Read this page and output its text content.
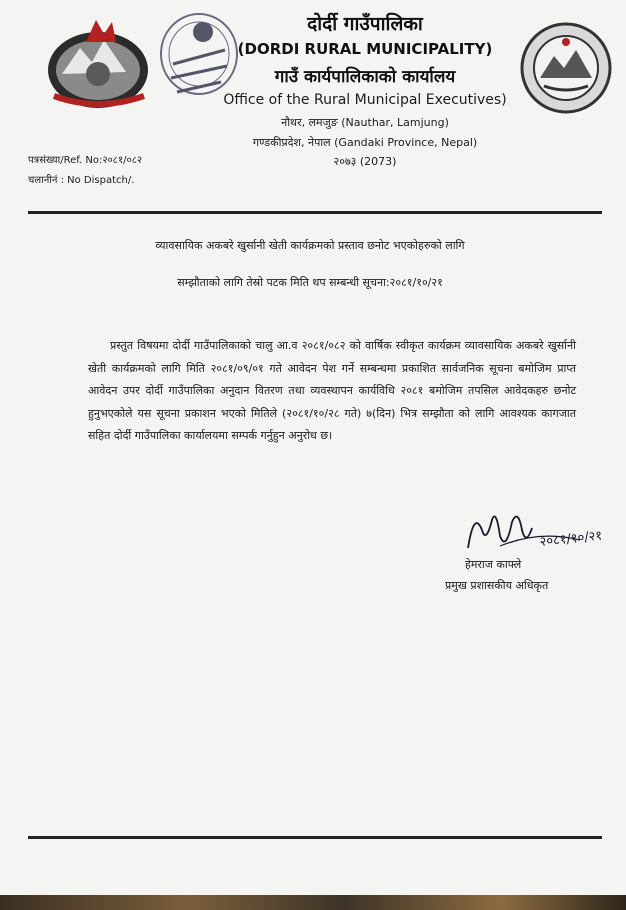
दोर्दी गाउँपालिका
(DORDI RURAL MUNICIPALITY)
गाउँ कार्यपालिकाको कार्यालय
Office of the Rural Municipal Executives)
नौथर, लमजुङ (Nauthar, Lamjung)
गण्डकीप्रदेश, नेपाल (Gandaki Province, Nepal)
२०७३ (2073)
पत्रसंख्या/Ref. No:२०८१/०८२
चलानीनं : No Dispatch/.
व्यावसायिक अकबरे खुर्सानी खेती कार्यक्रमको प्रस्ताव छनोट भएकोहरुको लागि
सम्झौताको लागि तेस्रो पटक मिति थप सम्बन्धी सूचना:२०८१/१०/२१
प्रस्तुत विषयमा दोर्दी गाउँपालिकाको चालु आ.व २०८१/०८२ को वार्षिक स्वीकृत कार्यक्रम व्यावसायिक अकबरे खुर्सानी खेती कार्यक्रमको लागि मिति २०८१/०९/०१ गते आवेदन पेश गर्ने सम्बन्धमा प्रकाशित सार्वजनिक सूचना बमोजिम प्राप्त आवेदन उपर दोर्दी गाउँपालिका अनुदान वितरण तथा व्यवस्थापन कार्यविधि २०८१ बमोजिम तपसिल आवेदकहरु छनोट हुनुभएकोले यस सूचना प्रकाशन भएको मितिले (२०८१/१०/२८ गते) ७(दिन) भित्र सम्झौता को लागि आवश्यक कागजात सहित दोर्दी गाउँपालिका कार्यालयमा सम्पर्क गर्नुहुन अनुरोध छ।
२०८१/१०/२१
हेमराज काफ्ले
प्रमुख प्रशासकीय अधिकृत
